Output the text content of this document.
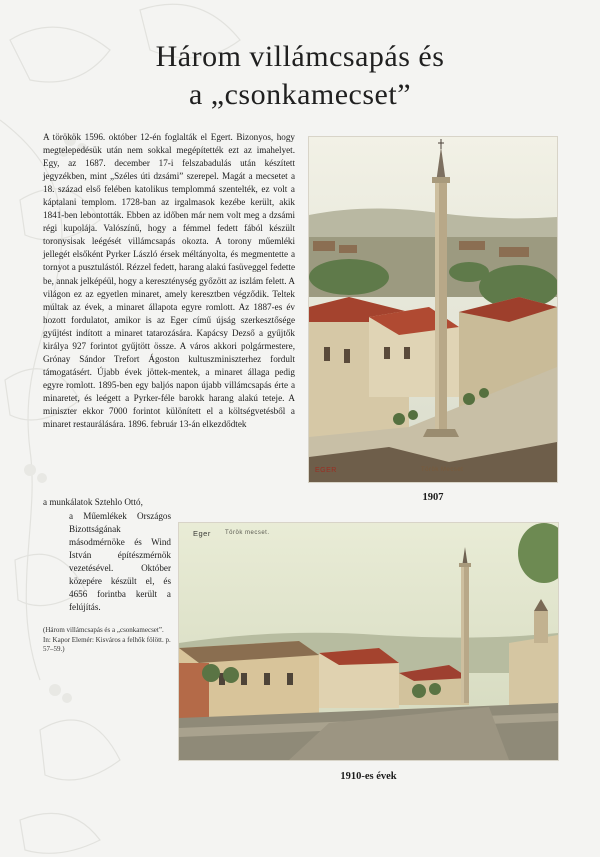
Három villámcsapás és
a „csonkamecset”

A törökök 1596. október 12-én foglalták el Egert. Bizonyos, hogy megtelepedésük után nem sokkal megépítették ezt az imahelyet. Egy, az 1687. december 17-i felszabadulás után készített jegyzékben, mint „Széles úti dzsámi” szerepel. Magát a mecsetet a 18. század első felében katolikus templommá szentelték, ez volt a káptalani templom. 1728-ban az irgalmasok kezébe került, akik 1841-ben lebontották. Ebben az időben már nem volt meg a dzsámi régi kupolája. Valószínű, hogy a fémmel fedett fából készült toronysisak leégését villámcsapás okozta. A torony műemléki jellegét elsőként Pyrker László érsek méltányolta, és megmentette a tornyot a pusztulástól. Rézzel fedett, harang alakú fasüveggel fedette be, annak jelképéül, hogy a kereszténység győzött az iszlám felett. A világon ez az egyetlen minaret, amely keresztben végződik. Teltek múltak az évek, a minaret állapota egyre romlott. Az 1887-es év hozott fordulatot, amikor is az Eger című újság szerkesztősége gyűjtést indított a minaret tatarozására. Kapácsy Dezső a gyűjtők királya 927 forintot gyűjtött össze. A város akkori polgármestere, Grónay Sándor Trefort Ágoston kultuszminiszterhez fordult támogatásért. Újabb évek jöttek-mentek, a minaret állaga pedig egyre romlott. 1895-ben egy baljós napon újabb villámcsapás érte a minaretet, és leégett a Pyrker-féle barokk harang alakú teteje. A miniszter ekkor 7000 forintot különített el a költségvetésből a minaret restaurálására. 1896. február 13-án elkezdődtek

a munkálatok Sztehlo Ottó,
a Műemlékek Országos Bizottságának másodmérnöke és Wind István építészmérnök vezetésével. Október közepére készült el, és 4656 forintba került a felújítás.
(Három villámcsapás és a „csonkamecset”.
In: Kapor Elemér: Kisváros a felhők fölött. p. 57–59.)
EGER	Török Mecset
1907
Eger Török mecset.
1910-es évek
